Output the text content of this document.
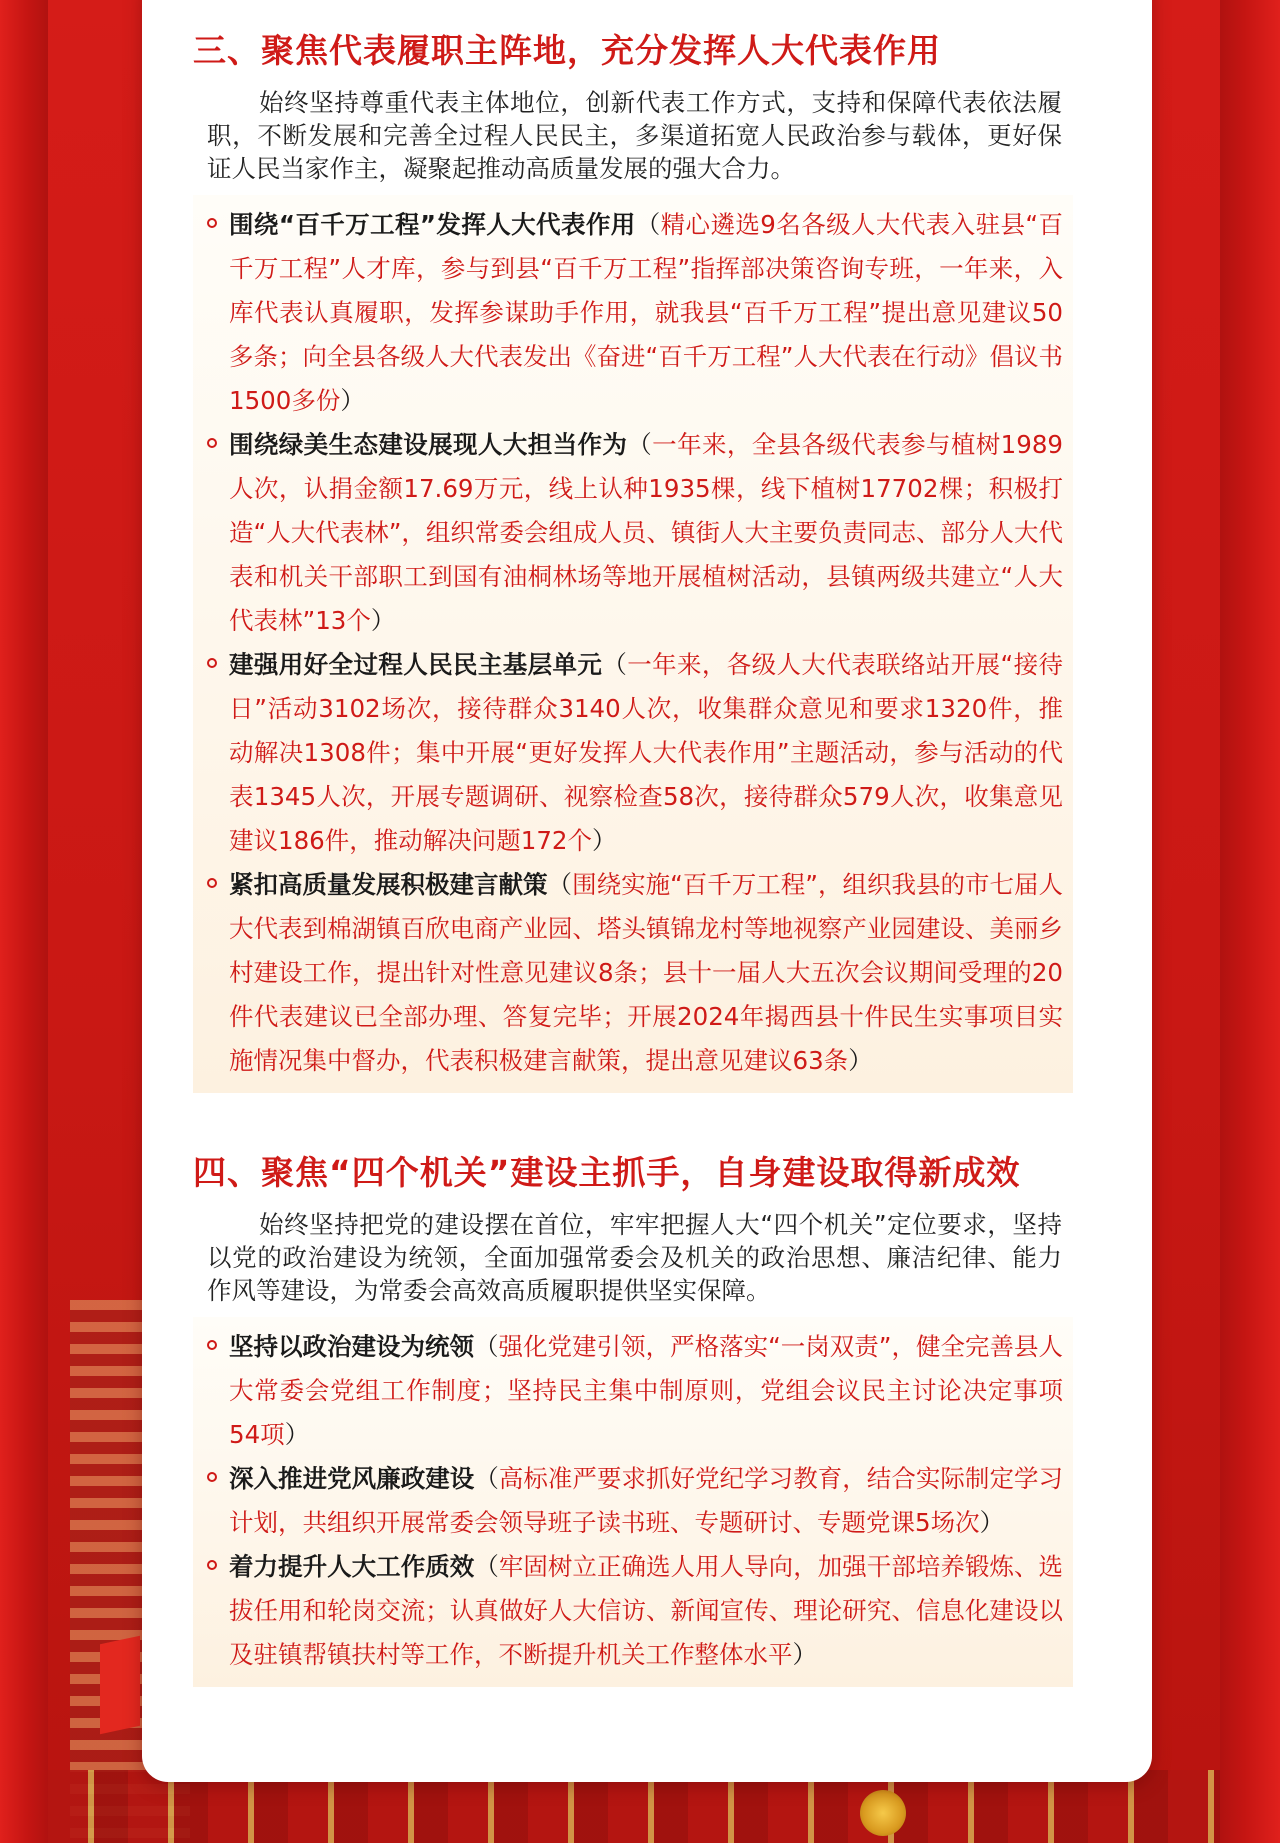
三、聚焦代表履职主阵地，充分发挥人大代表作用

始终坚持尊重代表主体地位，创新代表工作方式，支持和保障代表依法履职，不断发展和完善全过程人民民主，多渠道拓宽人民政治参与载体，更好保证人民当家作主，凝聚起推动高质量发展的强大合力。

围绕“百千万工程”发挥人大代表作用（精心遴选9名各级人大代表入驻县“百千万工程”人才库，参与到县“百千万工程”指挥部决策咨询专班，一年来，入库代表认真履职，发挥参谋助手作用，就我县“百千万工程”提出意见建议50多条；向全县各级人大代表发出《奋进“百千万工程”人大代表在行动》倡议书1500多份）
围绕绿美生态建设展现人大担当作为（一年来，全县各级代表参与植树1989人次，认捐金额17.69万元，线上认种1935棵，线下植树17702棵；积极打造“人大代表林”，组织常委会组成人员、镇街人大主要负责同志、部分人大代表和机关干部职工到国有油桐林场等地开展植树活动，县镇两级共建立“人大代表林”13个）
建强用好全过程人民民主基层单元（一年来，各级人大代表联络站开展“接待日”活动3102场次，接待群众3140人次，收集群众意见和要求1320件，推动解决1308件；集中开展“更好发挥人大代表作用”主题活动，参与活动的代表1345人次，开展专题调研、视察检查58次，接待群众579人次，收集意见建议186件，推动解决问题172个）
紧扣高质量发展积极建言献策（围绕实施“百千万工程”，组织我县的市七届人大代表到棉湖镇百欣电商产业园、塔头镇锦龙村等地视察产业园建设、美丽乡村建设工作，提出针对性意见建议8条；县十一届人大五次会议期间受理的20件代表建议已全部办理、答复完毕；开展2024年揭西县十件民生实事项目实施情况集中督办，代表积极建言献策，提出意见建议63条）
四、聚焦“四个机关”建设主抓手，自身建设取得新成效

始终坚持把党的建设摆在首位，牢牢把握人大“四个机关”定位要求，坚持以党的政治建设为统领，全面加强常委会及机关的政治思想、廉洁纪律、能力作风等建设，为常委会高效高质履职提供坚实保障。

坚持以政治建设为统领（强化党建引领，严格落实“一岗双责”，健全完善县人大常委会党组工作制度；坚持民主集中制原则，党组会议民主讨论决定事项54项）
深入推进党风廉政建设（高标准严要求抓好党纪学习教育，结合实际制定学习计划，共组织开展常委会领导班子读书班、专题研讨、专题党课5场次）
着力提升人大工作质效（牢固树立正确选人用人导向，加强干部培养锻炼、选拔任用和轮岗交流；认真做好人大信访、新闻宣传、理论研究、信息化建设以及驻镇帮镇扶村等工作，不断提升机关工作整体水平）
